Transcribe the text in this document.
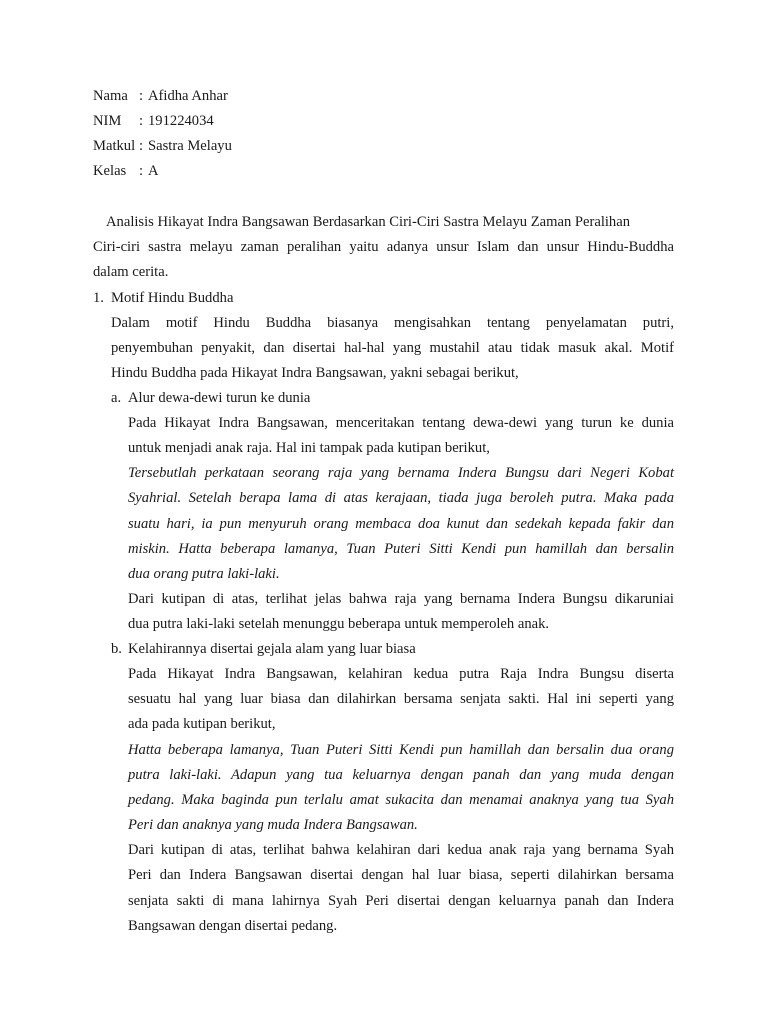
Nama : Afidha Anhar
NIM : 191224034
Matkul : Sastra Melayu
Kelas : A
Analisis Hikayat Indra Bangsawan Berdasarkan Ciri-Ciri Sastra Melayu Zaman Peralihan
Ciri-ciri sastra melayu zaman peralihan yaitu adanya unsur Islam dan unsur Hindu-Buddha
dalam cerita.
1. Motif Hindu Buddha
Dalam motif Hindu Buddha biasanya mengisahkan tentang penyelamatan putri,
penyembuhan penyakit, dan disertai hal-hal yang mustahil atau tidak masuk akal. Motif
Hindu Buddha pada Hikayat Indra Bangsawan, yakni sebagai berikut,
a. Alur dewa-dewi turun ke dunia
Pada Hikayat Indra Bangsawan, menceritakan tentang dewa-dewi yang turun ke dunia
untuk menjadi anak raja. Hal ini tampak pada kutipan berikut,
Tersebutlah perkataan seorang raja yang bernama Indera Bungsu dari Negeri Kobat
Syahrial. Setelah berapa lama di atas kerajaan, tiada juga beroleh putra. Maka pada
suatu hari, ia pun menyuruh orang membaca doa kunut dan sedekah kepada fakir dan
miskin. Hatta beberapa lamanya, Tuan Puteri Sitti Kendi pun hamillah dan bersalin
dua orang putra laki-laki.
Dari kutipan di atas, terlihat jelas bahwa raja yang bernama Indera Bungsu dikaruniai
dua putra laki-laki setelah menunggu beberapa untuk memperoleh anak.
b. Kelahirannya disertai gejala alam yang luar biasa
Pada Hikayat Indra Bangsawan, kelahiran kedua putra Raja Indra Bungsu diserta
sesuatu hal yang luar biasa dan dilahirkan bersama senjata sakti. Hal ini seperti yang
ada pada kutipan berikut,
Hatta beberapa lamanya, Tuan Puteri Sitti Kendi pun hamillah dan bersalin dua orang
putra laki-laki. Adapun yang tua keluarnya dengan panah dan yang muda dengan
pedang. Maka baginda pun terlalu amat sukacita dan menamai anaknya yang tua Syah
Peri dan anaknya yang muda Indera Bangsawan.
Dari kutipan di atas, terlihat bahwa kelahiran dari kedua anak raja yang bernama Syah
Peri dan Indera Bangsawan disertai dengan hal luar biasa, seperti dilahirkan bersama
senjata sakti di mana lahirnya Syah Peri disertai dengan keluarnya panah dan Indera
Bangsawan dengan disertai pedang.
